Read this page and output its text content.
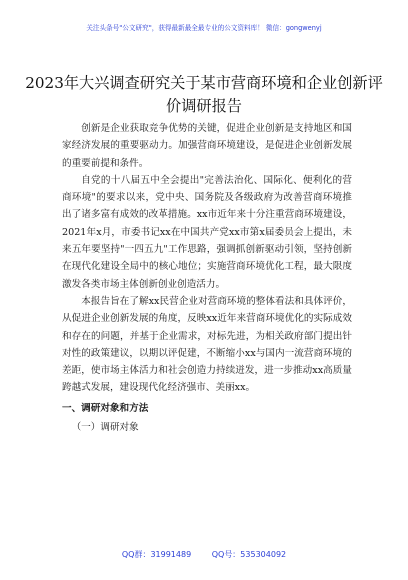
关注头条号"公文研究"，获得最新最全最专业的公文资料库！ 微信：gongwenyj
2023年大兴调查研究关于某市营商环境和企业创新评价调研报告

创新是企业获取竞争优势的关键，促进企业创新是支持地区和国家经济发展的重要驱动力。加强营商环境建设，是促进企业创新发展的重要前提和条件。

自党的十八届五中全会提出"完善法治化、国际化、便利化的营商环境"的要求以来，党中央、国务院及各级政府为改善营商环境推出了诸多富有成效的改革措施。xx市近年来十分注重营商环境建设，2021年x月，市委书记xx在中国共产党xx市第x届委员会上提出，未来五年要坚持"一四五九"工作思路，强调抓创新驱动引领，坚持创新在现代化建设全局中的核心地位；实施营商环境优化工程，最大限度激发各类市场主体创新创业创造活力。

本报告旨在了解xx民营企业对营商环境的整体看法和具体评价，从促进企业创新发展的角度，反映xx近年来营商环境优化的实际成效和存在的问题，并基于企业需求，对标先进，为相关政府部门提出针对性的政策建议，以期以评促建，不断缩小xx与国内一流营商环境的差距，使市场主体活力和社会创造力持续迸发，进一步推动xx高质量跨越式发展，建设现代化经济强市、美丽xx。

一、调研对象和方法

（一）调研对象

QQ群：31991489	QQ号：535304092
